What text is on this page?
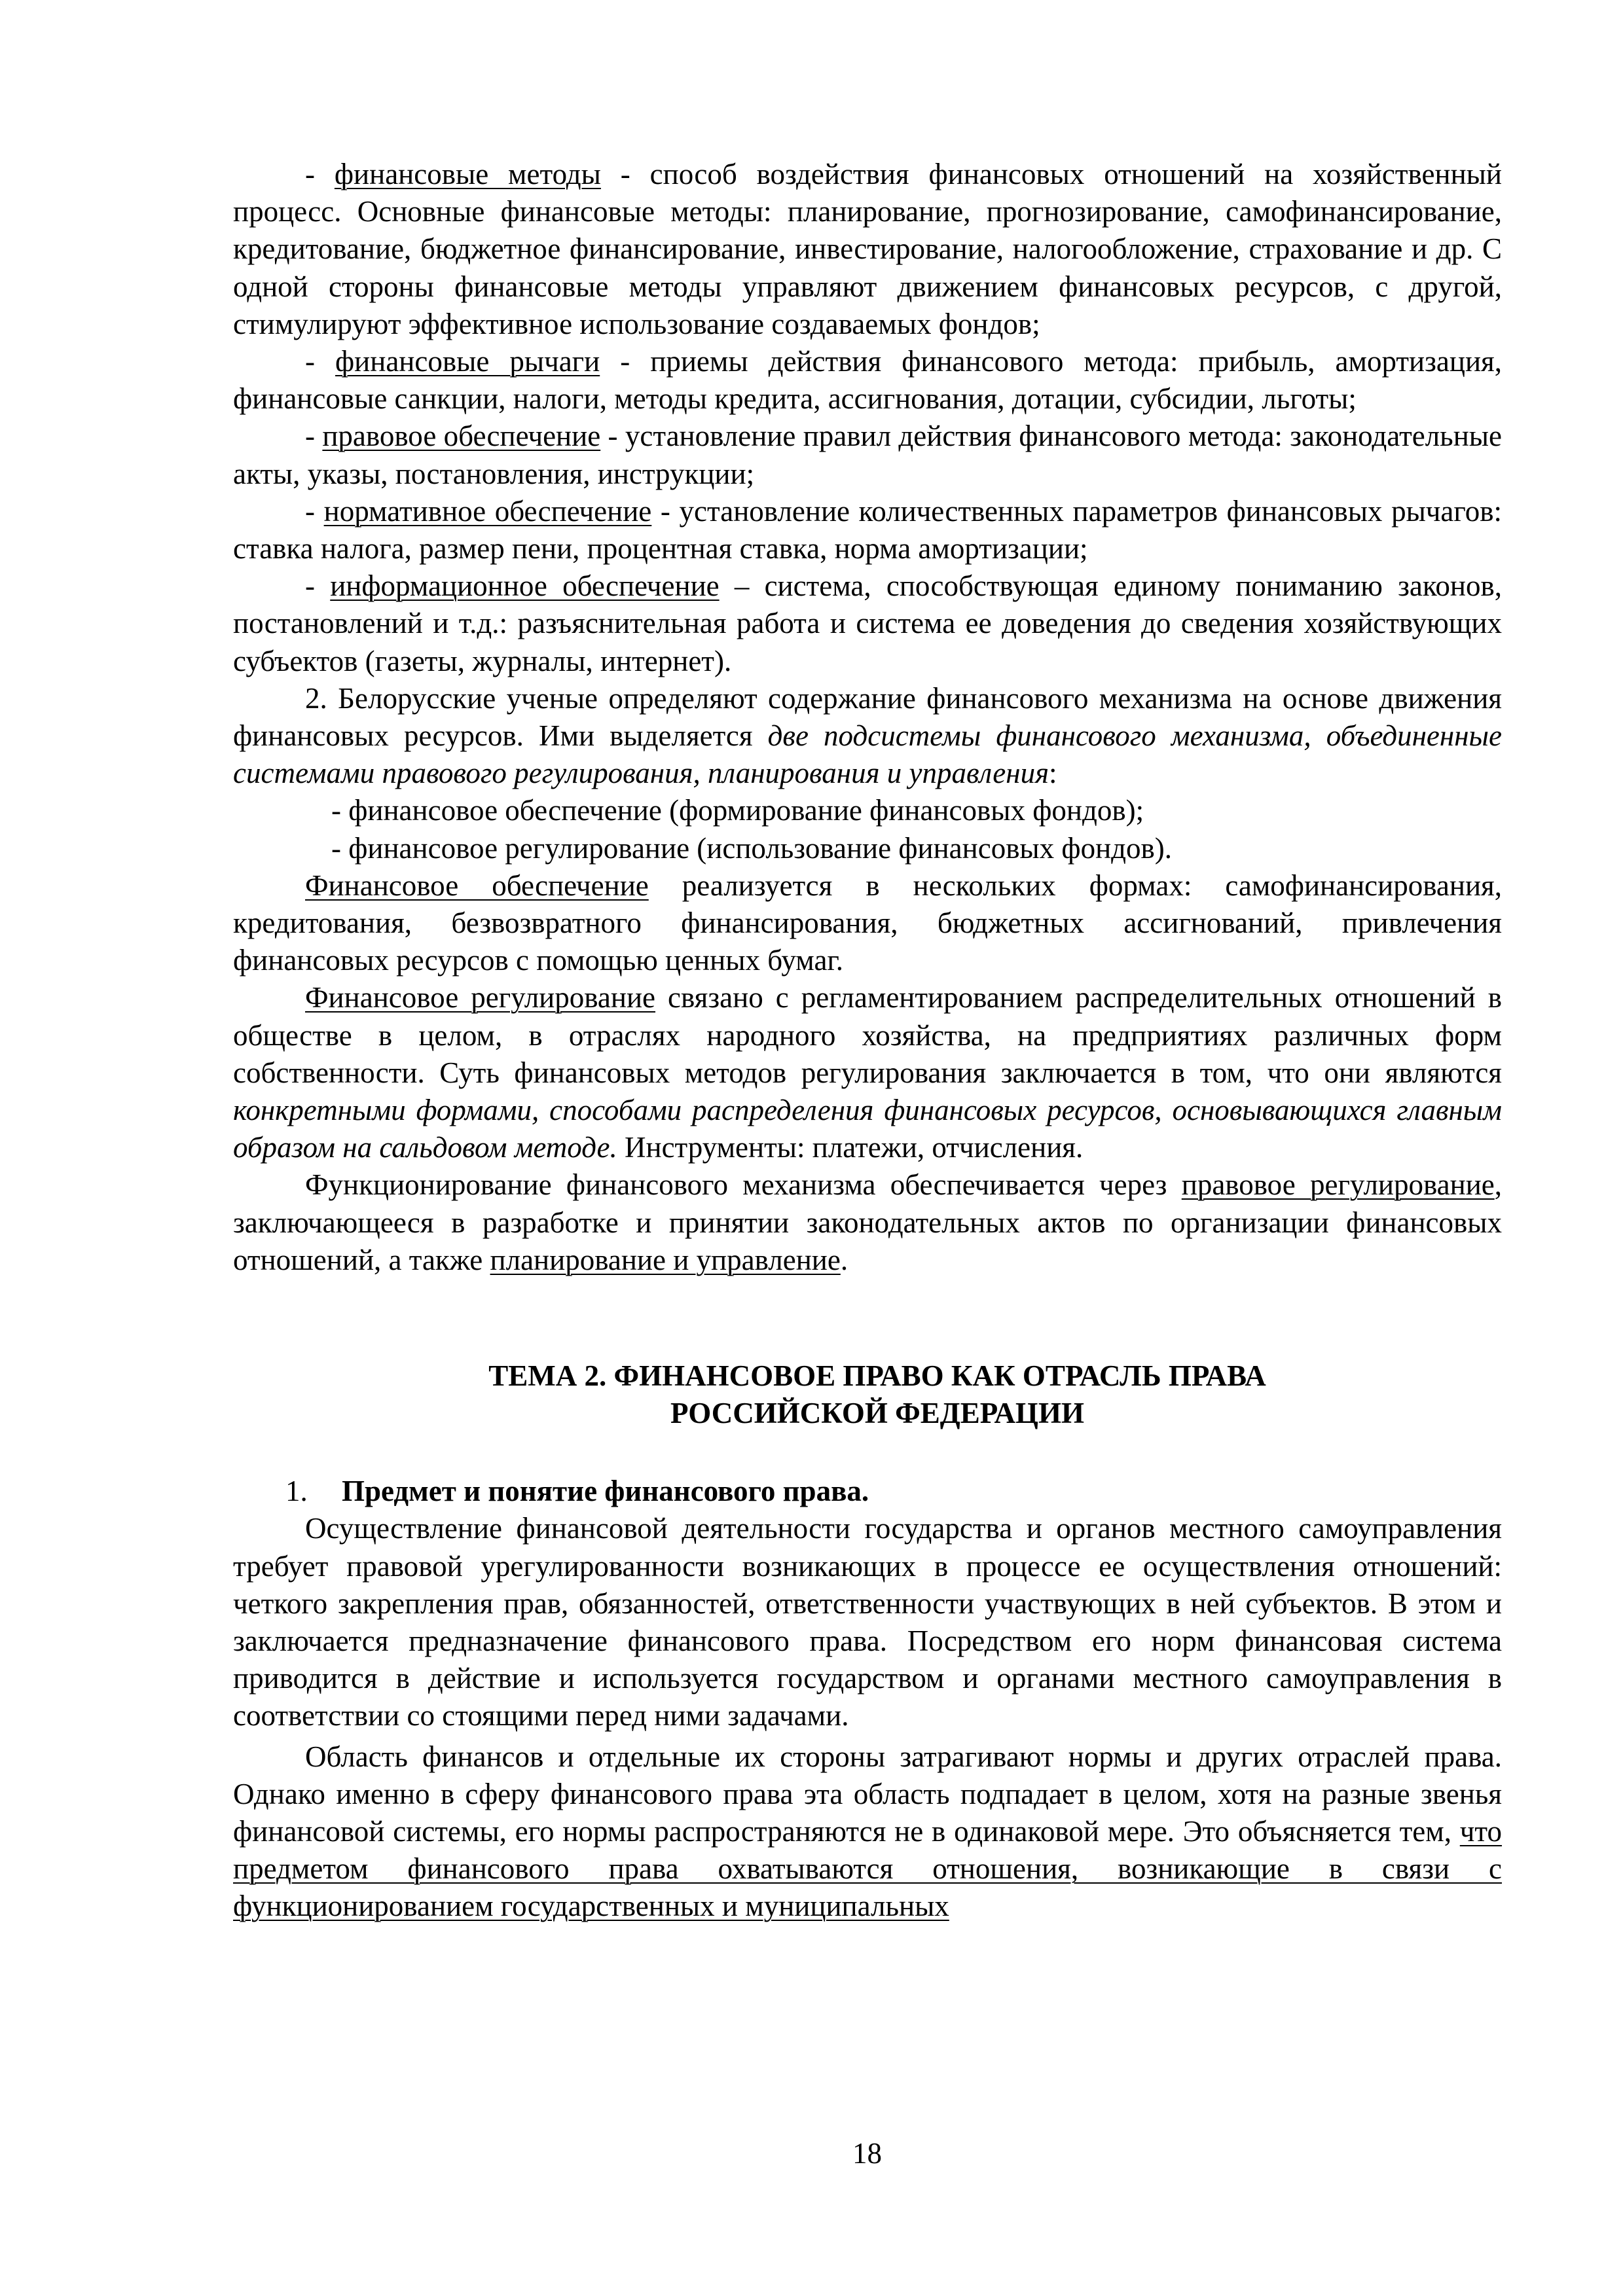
- финансовые методы - способ воздействия финансовых отношений на хозяйственный процесс. Основные финансовые методы: планирование, прогнозирование, самофинансирование, кредитование, бюджетное финансирование, инвестирование, налогообложение, страхование и др. С одной стороны финансовые методы управляют движением финансовых ресурсов, с другой, стимулируют эффективное использование создаваемых фондов;

- финансовые рычаги - приемы действия финансового метода: прибыль, амортизация, финансовые санкции, налоги, методы кредита, ассигнования, дотации, субсидии, льготы;

- правовое обеспечение - установление правил действия финансового метода: законодательные акты, указы, постановления, инструкции;

- нормативное обеспечение - установление количественных параметров финансовых рычагов: ставка налога, размер пени, процентная ставка, норма амортизации;

- информационное обеспечение – система, способствующая единому пониманию законов, постановлений и т.д.: разъяснительная работа и система ее доведения до сведения хозяйствующих субъектов (газеты, журналы, интернет).

2. Белорусские ученые определяют содержание финансового механизма на основе движения финансовых ресурсов. Ими выделяется две подсистемы финансового механизма, объединенные системами правового регулирования, планирования и управления:

- финансовое обеспечение (формирование финансовых фондов);

- финансовое регулирование (использование финансовых фондов).

Финансовое обеспечение реализуется в нескольких формах: самофинансирования, кредитования, безвозвратного финансирования, бюджетных ассигнований, привлечения финансовых ресурсов с помощью ценных бумаг.

Финансовое регулирование связано с регламентированием распределительных отношений в обществе в целом, в отраслях народного хозяйства, на предприятиях различных форм собственности. Суть финансовых методов регулирования заключается в том, что они являются конкретными формами, способами распределения финансовых ресурсов, основывающихся главным образом на сальдовом методе. Инструменты: платежи, отчисления.

Функционирование финансового механизма обеспечивается через правовое регулирование, заключающееся в разработке и принятии законодательных актов по организации финансовых отношений, а также планирование и управление.

ТЕМА 2. ФИНАНСОВОЕ ПРАВО КАК ОТРАСЛЬ ПРАВА
РОССИЙСКОЙ ФЕДЕРАЦИИ

1. Предмет и понятие финансового права.

Осуществление финансовой деятельности государства и органов местного самоуправления требует правовой урегулированности возникающих в процессе ее осуществления отношений: четкого закрепления прав, обязанностей, ответственности участвующих в ней субъектов. В этом и заключается предназначение финансового права. Посредством его норм финансовая система приводится в действие и используется государством и органами местного самоуправления в соответствии со стоящими перед ними задачами.

Область финансов и отдельные их стороны затрагивают нормы и других отраслей права. Однако именно в сферу финансового права эта область подпадает в целом, хотя на разные звенья финансовой системы, его нормы распространяются не в одинаковой мере. Это объясняется тем, что предметом финансового права охватываются отношения, возникающие в связи с функционированием государственных и муниципальных

18
